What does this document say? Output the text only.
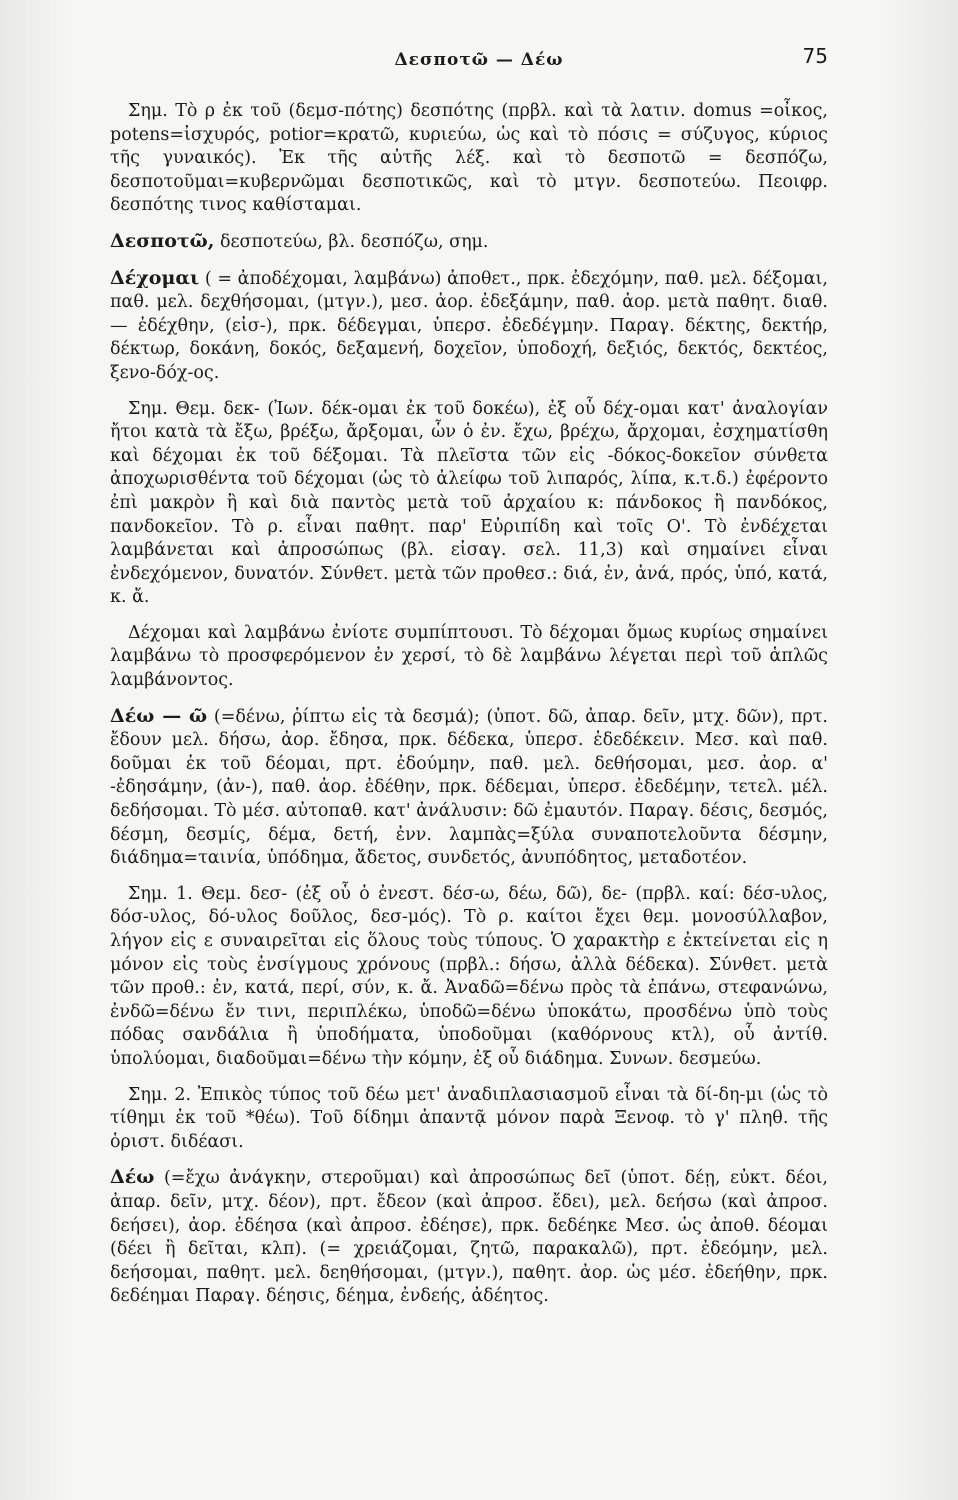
Δεσποτῶ — Δέω	75

Σημ. Τὸ ρ ἐκ τοῦ (δεμσ-πότης) δεσπότης (πρβλ. καὶ τὰ λατιν. domus =οἶκος, potens=ἰσχυρός, potior=κρατῶ, κυριεύω, ὡς καὶ τὸ πόσις = σύζυγος, κύριος τῆς γυναικός). Ἐκ τῆς αὐτῆς λέξ. καὶ τὸ δεσποτῶ = δεσπόζω, δεσποτοῦμαι=κυβερνῶμαι δεσποτικῶς, καὶ τὸ μτγν. δεσποτεύω. Πεοιφρ. δεσπότης τινος καθίσταμαι.

Δεσποτῶ, δεσποτεύω, βλ. δεσπόζω, σημ.

Δέχομαι ( = ἀποδέχομαι, λαμβάνω) ἀποθετ., πρκ. ἐδεχόμην, παθ. μελ. δέξομαι, παθ. μελ. δεχθήσομαι, (μτγν.), μεσ. ἀορ. ἐδεξάμην, παθ. ἀορ. μετὰ παθητ. διαθ. — ἐδέχθην, (εἰσ-), πρκ. δέδεγμαι, ὑπερσ. ἐδεδέγμην. Παραγ. δέκτης, δεκτήρ, δέκτωρ, δοκάνη, δοκός, δεξαμενή, δοχεῖον, ὑποδοχή, δεξιός, δεκτός, δεκτέος, ξενο-δόχ-ος.

Σημ. Θεμ. δεκ- (Ἰων. δέκ-ομαι ἐκ τοῦ δοκέω), ἐξ οὗ δέχ-ομαι κατ' ἀναλογίαν ἤτοι κατὰ τὰ ἔξω, βρέξω, ἄρξομαι, ὧν ὁ ἐν. ἔχω, βρέχω, ἄρχομαι, ἐσχηματίσθη καὶ δέχομαι ἐκ τοῦ δέξομαι. Τὰ πλεῖστα τῶν εἰς -δόκος-δοκεῖον σύνθετα ἀποχωρισθέντα τοῦ δέχομαι (ὡς τὸ ἀλείφω τοῦ λιπαρός, λίπα, κ.τ.δ.) ἐφέροντο ἐπὶ μακρὸν ἢ καὶ διὰ παντὸς μετὰ τοῦ ἀρχαίου κ: πάνδοκος ἢ πανδόκος, πανδοκεῖον. Τὸ ρ. εἶναι παθητ. παρ' Εὐριπίδη καὶ τοῖς Ο'. Τὸ ἐνδέχεται λαμβάνεται καὶ ἀπροσώπως (βλ. εἰσαγ. σελ. 11,3) καὶ σημαίνει εἶναι ἐνδεχόμενον, δυνατόν. Σύνθετ. μετὰ τῶν προθεσ.: διά, ἐν, ἀνά, πρός, ὑπό, κατά, κ. ἄ.

Δέχομαι καὶ λαμβάνω ἐνίοτε συμπίπτουσι. Τὸ δέχομαι ὅμως κυρίως σημαίνει λαμβάνω τὸ προσφερόμενον ἐν χερσί, τὸ δὲ λαμβάνω λέγεται περὶ τοῦ ἁπλῶς λαμβάνοντος.

Δέω — ῶ (=δένω, ῥίπτω εἰς τὰ δεσμά); (ὑποτ. δῶ, ἀπαρ. δεῖν, μτχ. δῶν), πρτ. ἔδουν μελ. δήσω, ἀορ. ἔδησα, πρκ. δέδεκα, ὑπερσ. ἐδεδέκειν. Μεσ. καὶ παθ. δοῦμαι ἐκ τοῦ δέομαι, πρτ. ἐδούμην, παθ. μελ. δεθήσομαι, μεσ. ἀορ. α' -ἐδησάμην, (ἀν-), παθ. ἀορ. ἐδέθην, πρκ. δέδεμαι, ὑπερσ. ἐδεδέμην, τετελ. μέλ. δεδήσομαι. Τὸ μέσ. αὐτοπαθ. κατ' ἀνάλυσιν: δῶ ἐμαυτόν. Παραγ. δέσις, δεσμός, δέσμη, δεσμίς, δέμα, δετή, ἐνν. λαμπὰς=ξύλα συναποτελοῦντα δέσμην, διάδημα=ταινία, ὑπόδημα, ἄδετος, συνδετός, ἀνυπόδητος, μεταδοτέον.

Σημ. 1. Θεμ. δεσ- (ἐξ οὗ ὁ ἐνεστ. δέσ-ω, δέω, δῶ), δε- (πρβλ. καί: δέσ-υλος, δόσ-υλος, δό-υλος δοῦλος, δεσ-μός). Τὸ ρ. καίτοι ἔχει θεμ. μονοσύλλαβον, λήγον εἰς ε συναιρεῖται εἰς ὅλους τοὺς τύπους. Ὁ χαρακτὴρ ε ἐκτείνεται εἰς η μόνον εἰς τοὺς ἐνσίγμους χρόνους (πρβλ.: δήσω, ἀλλὰ δέδεκα). Σύνθετ. μετὰ τῶν προθ.: ἐν, κατά, περί, σύν, κ. ἄ. Ἀναδῶ=δένω πρὸς τὰ ἐπάνω, στεφανώνω, ἐνδῶ=δένω ἔν τινι, περιπλέκω, ὑποδῶ=δένω ὑποκάτω, προσδένω ὑπὸ τοὺς πόδας σανδάλια ἢ ὑποδήματα, ὑποδοῦμαι (καθόρνους κτλ), οὗ ἀντίθ. ὑπολύομαι, διαδοῦμαι=δένω τὴν κόμην, ἐξ οὗ διάδημα. Συνων. δεσμεύω.

Σημ. 2. Ἐπικὸς τύπος τοῦ δέω μετ' ἀναδιπλασιασμοῦ εἶναι τὰ δί-δη-μι (ὡς τὸ τίθημι ἐκ τοῦ *θέω). Τοῦ δίδημι ἀπαντᾷ μόνον παρὰ Ξενοφ. τὸ γ' πληθ. τῆς ὁριστ. διδέασι.

Δέω (=ἔχω ἀνάγκην, στεροῦμαι) καὶ ἀπροσώπως δεῖ (ὑποτ. δέῃ, εὐκτ. δέοι, ἀπαρ. δεῖν, μτχ. δέον), πρτ. ἔδεον (καὶ ἀπροσ. ἔδει), μελ. δεήσω (καὶ ἀπροσ. δεήσει), ἀορ. ἐδέησα (καὶ ἀπροσ. ἐδέησε), πρκ. δεδέηκε Μεσ. ὡς ἀποθ. δέομαι (δέει ἢ δεῖται, κλπ). (= χρειάζομαι, ζητῶ, παρακαλῶ), πρτ. ἐδεόμην, μελ. δεήσομαι, παθητ. μελ. δεηθήσομαι, (μτγν.), παθητ. ἀορ. ὡς μέσ. ἐδεήθην, πρκ. δεδέημαι Παραγ. δέησις, δέημα, ἐνδεής, ἀδέητος.
